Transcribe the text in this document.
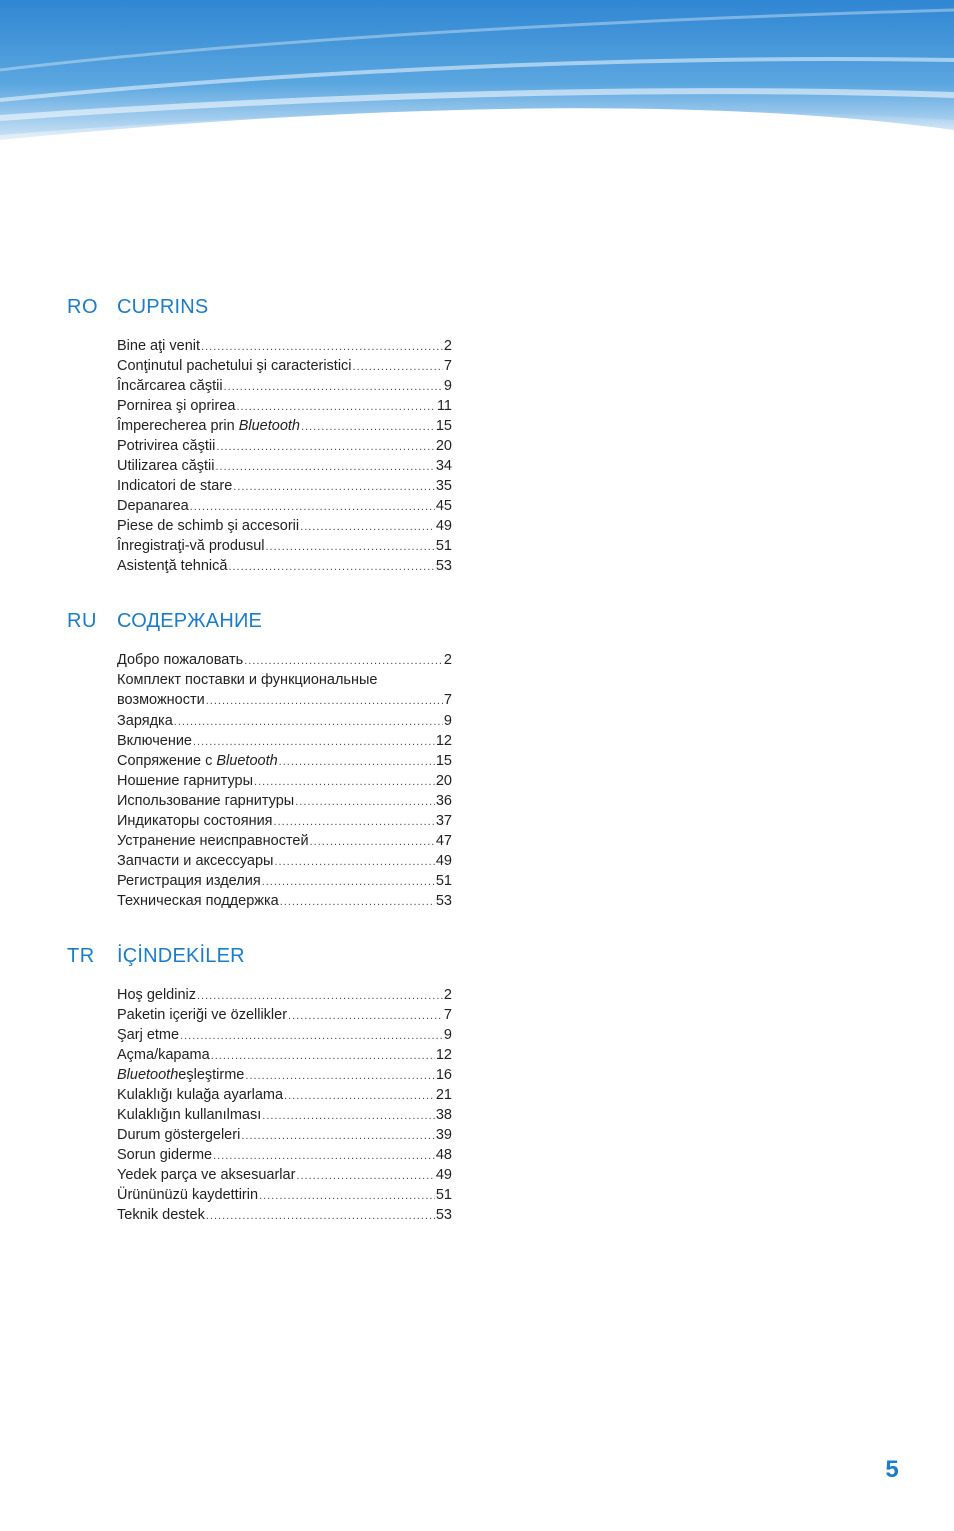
RO CUPRINS
Bine aţi venit .....	2
Conţinutul pachetului şi caracteristici .....	7
Încărcarea căştii .....	9
Pornirea şi oprirea .....	11
Împerecherea prin
Bluetooth .....	15
Potrivirea căştii .....	20
Utilizarea căştii .....	34
Indicatori de stare .....	35
Depanarea .....	45
Piese de schimb şi accesorii .....	49
Înregistraţi-vă produsul .....	51
Asistenţă tehnică .....	53
RU СОДЕРЖАНИЕ
Добро пожаловать .....	2
Комплект поставки и функциональные
возможности .....	7
Зарядка .....	9
Включение .....	12
Сопряжение с
Bluetooth .....	15
Ношение гарнитуры .....	20
Использование гарнитуры .....	36
Индикаторы состояния .....	37
Устранение неисправностей .....	47
Запчасти и аксессуары .....	49
Регистрация изделия .....	51
Техническая поддержка .....	53
TR İÇİNDEKİLER
Hoş geldiniz .....	2
Paketin içeriği ve özellikler .....	7
Şarj etme .....	9
Açma/kapama .....	12
Bluetooth eşleştirme .....	16
Kulaklığı kulağa ayarlama .....	21
Kulaklığın kullanılması .....	38
Durum göstergeleri .....	39
Sorun giderme .....	48
Yedek parça ve aksesuarlar .....	49
Ürününüzü kaydettirin .....	51
Teknik destek .....	53
5
